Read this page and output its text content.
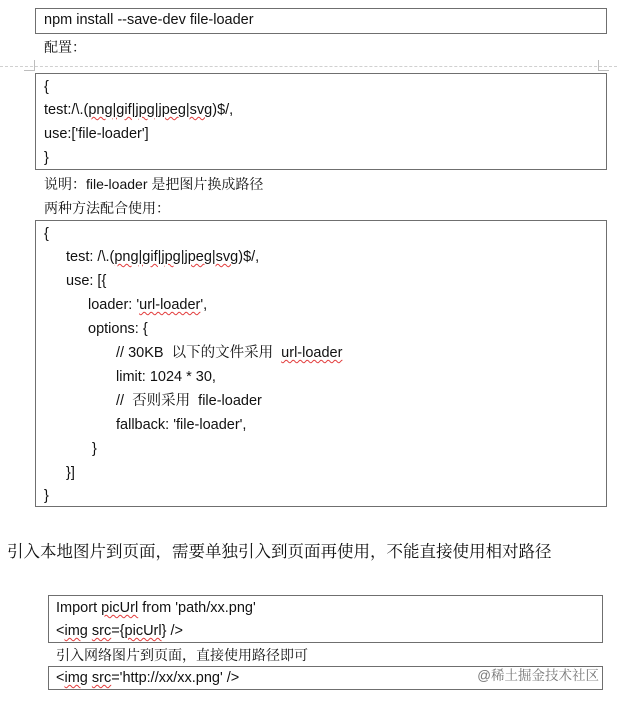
npm install --save-dev file-loader
配置：
{
test:/\.(png|gif|jpg|jpeg|svg)$/,
use:['file-loader']
}
说明：file-loader 是把图片换成路径
两种方法配合使用：
{
test: /\.(png|gif|jpg|jpeg|svg)$/,
use: [{
loader: 'url-loader',
options: {
// 30KB  以下的文件采用  url-loader
limit: 1024 * 30,
//  否则采用  file-loader
fallback: 'file-loader',
}
}]
}
引入本地图片到页面，需要单独引入到页面再使用，不能直接使用相对路径
Import picUrl from 'path/xx.png'
<img src={picUrl} />
引入网络图片到页面，直接使用路径即可
<img src='http://xx/xx.png' />	@稀土掘金技术社区
